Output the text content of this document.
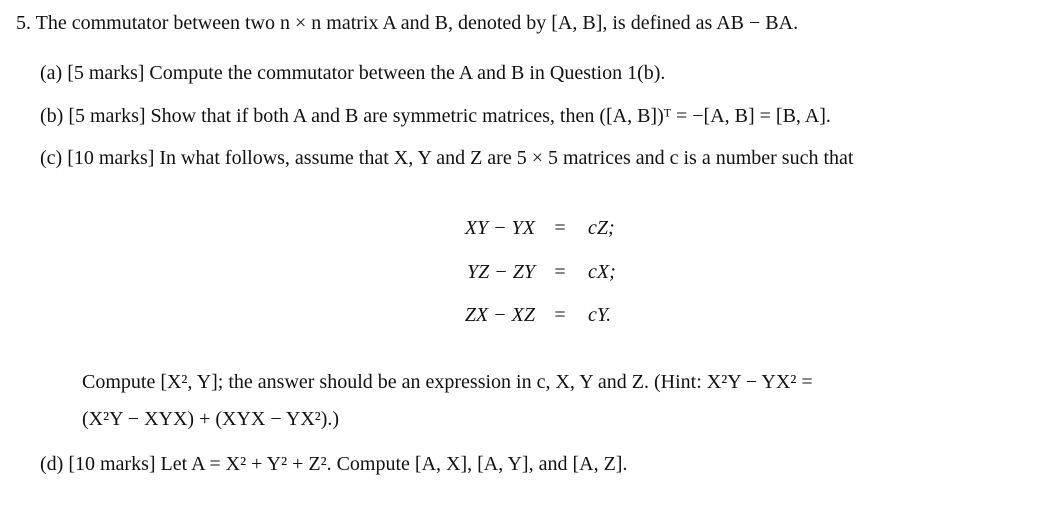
5. The commutator between two n × n matrix A and B, denoted by [A, B], is defined as AB − BA.
(a) [5 marks] Compute the commutator between the A and B in Question 1(b).
(b) [5 marks] Show that if both A and B are symmetric matrices, then ([A, B])ᵀ = −[A, B] = [B, A].
(c) [10 marks] In what follows, assume that X, Y and Z are 5 × 5 matrices and c is a number such that
XY − YX = cZ;
YZ − ZY = cX;
ZX − XZ = cY.
Compute [X², Y]; the answer should be an expression in c, X, Y and Z. (Hint: X²Y − YX² =
(X²Y − XYX) + (XYX − YX²).)
(d) [10 marks] Let A = X² + Y² + Z². Compute [A, X], [A, Y], and [A, Z].
